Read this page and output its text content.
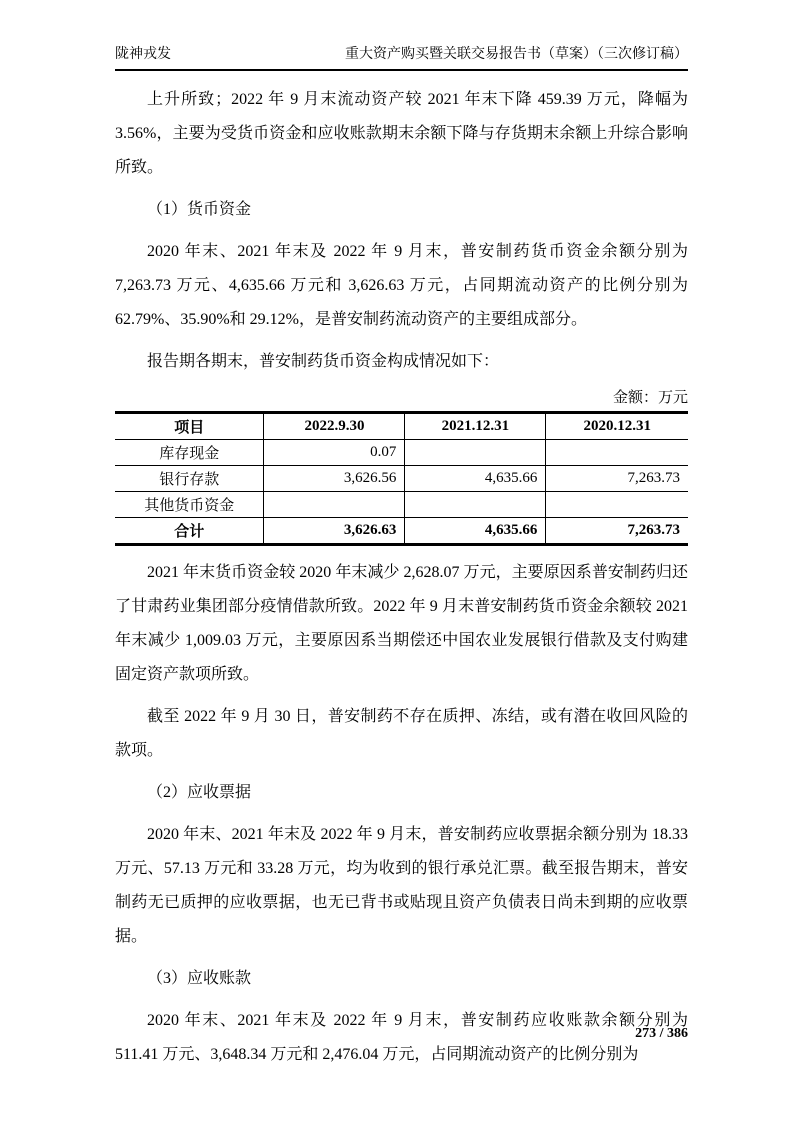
陇神戎发	重大资产购买暨关联交易报告书（草案）（三次修订稿）

上升所致；2022 年 9 月末流动资产较 2021 年末下降 459.39 万元，降幅为 3.56%，主要为受货币资金和应收账款期末余额下降与存货期末余额上升综合影响所致。

（1）货币资金

2020 年末、2021 年末及 2022 年 9 月末，普安制药货币资金余额分别为 7,263.73 万元、4,635.66 万元和 3,626.63 万元，占同期流动资产的比例分别为 62.79%、35.90%和 29.12%，是普安制药流动资产的主要组成部分。

报告期各期末，普安制药货币资金构成情况如下：

金额：万元
项目	2022.9.30	2021.12.31	2020.12.31
库存现金	0.07		
银行存款	3,626.56	4,635.66	7,263.73
其他货币资金			
合计	3,626.63	4,635.66	7,263.73

2021 年末货币资金较 2020 年末减少 2,628.07 万元，主要原因系普安制药归还了甘肃药业集团部分疫情借款所致。2022 年 9 月末普安制药货币资金余额较 2021 年末减少 1,009.03 万元，主要原因系当期偿还中国农业发展银行借款及支付购建固定资产款项所致。

截至 2022 年 9 月 30 日，普安制药不存在质押、冻结，或有潜在收回风险的款项。

（2）应收票据

2020 年末、2021 年末及 2022 年 9 月末，普安制药应收票据余额分别为 18.33 万元、57.13 万元和 33.28 万元，均为收到的银行承兑汇票。截至报告期末，普安制药无已质押的应收票据，也无已背书或贴现且资产负债表日尚未到期的应收票据。

（3）应收账款

2020 年末、2021 年末及 2022 年 9 月末，普安制药应收账款余额分别为 511.41 万元、3,648.34 万元和 2,476.04 万元，占同期流动资产的比例分别为

273 / 386
